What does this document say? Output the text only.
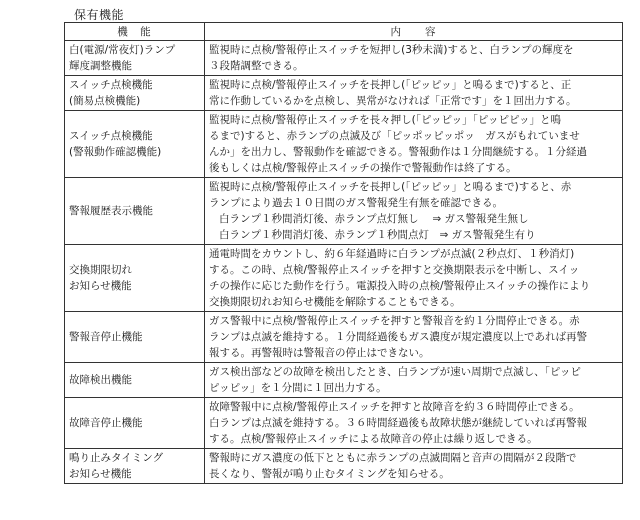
保有機能
機　能	内　　容

白(電源/常夜灯)ランプ
輝度調整機能	監視時に点検/警報停止スイッチを短押し(3秒未満)すると、白ランプの輝度を
３段階調整できる。

スイッチ点検機能
(簡易点検機能)	監視時に点検/警報停止スイッチを長押し(「ピッピッ」と鳴るまで)すると、正
常に作動しているかを点検し、異常がなければ「正常です」を１回出力する。

スイッチ点検機能
(警報動作確認機能)	監視時に点検/警報停止スイッチを長々押し(「ピッピッ」「ピッピピッ」と鳴
るまで)すると、赤ランプの点滅及び「ピッポッピッポッ　ガスがもれていませ
んか」を出力し、警報動作を確認できる。警報動作は１分間継続する。１分経過
後もしくは点検/警報停止スイッチの操作で警報動作は終了する。

警報履歴表示機能	監視時に点検/警報停止スイッチを長押し(「ピッピッ」と鳴るまで)すると、赤
ランプにより過去１０日間のガス警報発生有無を確認できる。
白ランプ１秒間消灯後、赤ランプ点灯無し　 ⇒ ガス警報発生無し
白ランプ１秒間消灯後、赤ランプ１秒間点灯　⇒ ガス警報発生有り

交換期限切れ
お知らせ機能	通電時間をカウントし、約６年経過時に白ランプが点滅(２秒点灯、１秒消灯)
する。この時、点検/警報停止スイッチを押すと交換期限表示を中断し、スイッ
チの操作に応じた動作を行う。電源投入時の点検/警報停止スイッチの操作により
交換期限切れお知らせ機能を解除することもできる。

警報音停止機能	ガス警報中に点検/警報停止スイッチを押すと警報音を約１分間停止できる。赤
ランプは点滅を維持する。１分間経過後もガス濃度が規定濃度以上であれば再警
報する。再警報時は警報音の停止はできない。

故障検出機能	ガス検出部などの故障を検出したとき、白ランプが速い周期で点滅し、「ピッピ
ピッピッ」を１分間に１回出力する。

故障音停止機能	故障警報中に点検/警報停止スイッチを押すと故障音を約３６時間停止できる。
白ランプは点滅を維持する。３６時間経過後も故障状態が継続していれば再警報
する。点検/警報停止スイッチによる故障音の停止は繰り返しできる。

鳴り止みタイミング
お知らせ機能	警報時にガス濃度の低下とともに赤ランプの点滅間隔と音声の間隔が２段階で
長くなり、警報が鳴り止むタイミングを知らせる。
